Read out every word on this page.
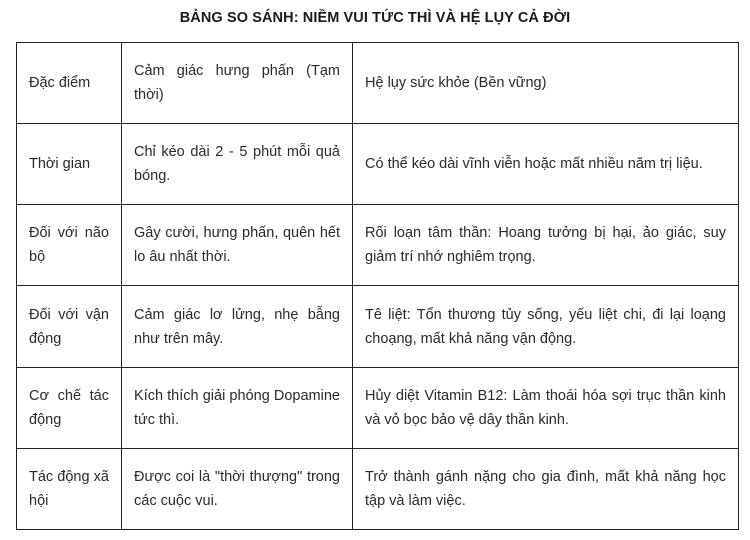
BẢNG SO SÁNH: NIỀM VUI TỨC THÌ VÀ HỆ LỤY CẢ ĐỜI
Đặc điểm	Cảm giác hưng phấn (Tạm thời)	Hệ lụy sức khỏe (Bền vững)
Thời gian	Chỉ kéo dài 2 - 5 phút mỗi quả bóng.	Có thể kéo dài vĩnh viễn hoặc mất nhiều năm trị liệu.
Đối với não bộ	Gây cười, hưng phấn, quên hết lo âu nhất thời.	Rối loạn tâm thần: Hoang tưởng bị hại, ảo giác, suy giảm trí nhớ nghiêm trọng.
Đối với vận động	Cảm giác lơ lửng, nhẹ bẫng như trên mây.	Tê liệt: Tổn thương tủy sống, yếu liệt chi, đi lại loạng choạng, mất khả năng vận động.
Cơ chế tác động	Kích thích giải phóng Dopamine tức thì.	Hủy diệt Vitamin B12: Làm thoái hóa sợi trục thần kinh và vỏ bọc bảo vệ dây thần kinh.
Tác động xã hội	Được coi là "thời thượng" trong các cuộc vui.	Trở thành gánh nặng cho gia đình, mất khả năng học tập và làm việc.
